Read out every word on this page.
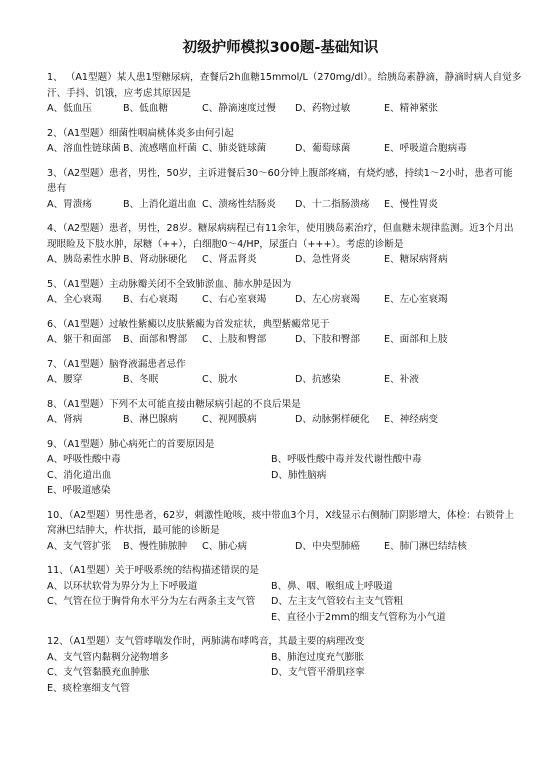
初级护师模拟300题-基础知识

1、 （A1型题）某人患1型糖尿病，查餐后2h血糖15mmol/L（270mg/dl）。给胰岛素静滴，静滴时病人自觉多汗、手抖、饥饿，应考虑其原因是

A、低血压	B、低血糖	C、静滴速度过慢	D、药物过敏	E、精神紧张

2、（A1型题）细菌性咽扁桃体炎多由何引起

A、溶血性链球菌 B、流感嗜血杆菌 C、肺炎链球菌	D、葡萄球菌	E、呼吸道合胞病毒

3、（A2型题）患者，男性，50岁，主诉进餐后30～60分钟上腹部疼痛，有烧灼感，持续1～2小时，患者可能患有

A、胃溃疡	B、上消化道出血 C、溃疡性结肠炎	D、十二指肠溃疡	E、慢性胃炎

4、（A2型题）患者，男性，28岁。糖尿病病程已有11余年，使用胰岛素治疗，但血糖未规律监测。近3个月出现眼睑及下肢水肿，尿糖（++），白细胞0～4/HP，尿蛋白（+++）。考虑的诊断是

A、胰岛素性水肿 B、肾动脉硬化	C、肾盂肾炎	D、急性肾炎	E、糖尿病肾病

5、（A1型题）主动脉瓣关闭不全致肺淤血、肺水肿是因为

A、全心衰竭	B、右心衰竭	C、右心室衰竭	D、左心房衰竭	E、左心室衰竭

6、（A1型题）过敏性紫癜以皮肤紫癜为首发症状，典型紫癜常见于

A、躯干和面部	B、面部和臀部	C、上肢和臀部	D、下肢和臀部	E、面部和上肢

7、（A1型题）脑脊液漏患者忌作

A、腰穿	B、冬眠	C、脱水	D、抗感染	E、补液

8、（A1型题）下列不太可能直接由糖尿病引起的不良后果是

A、肾病	B、淋巴腺病	C、视网膜病	D、动脉粥样硬化	E、神经病变

9、（A1型题）肺心病死亡的首要原因是

A、呼吸性酸中毒	B、呼吸性酸中毒并发代谢性酸中毒
C、消化道出血	D、肺性脑病
E、呼吸道感染

10、（A2型题）男性患者，62岁，刺激性呛咳，痰中带血3个月，X线显示右侧肺门阴影增大，体检：右锁骨上窝淋巴结肿大，杵状指，最可能的诊断是

A、支气管扩张	B、慢性肺脓肿	C、肺心病	D、中央型肺癌	E、肺门淋巴结结核

11、（A1型题）关于呼吸系统的结构描述错误的是

A、以环状软骨为界分为上下呼吸道	B、鼻、咽、喉组成上呼吸道
C、气管在位于胸骨角水平分为左右两条主支气管	D、左主支气管较右主支气管粗
E、直径小于2mm的细支气管称为小气道

12、（A1型题）支气管哮喘发作时，两肺满布哮鸣音，其最主要的病理改变

A、支气管内黏稠分泌物增多	B、肺泡过度充气膨胀
C、支气管黏膜充血肿胀	D、支气管平滑肌痉挛
E、痰栓塞细支气管
